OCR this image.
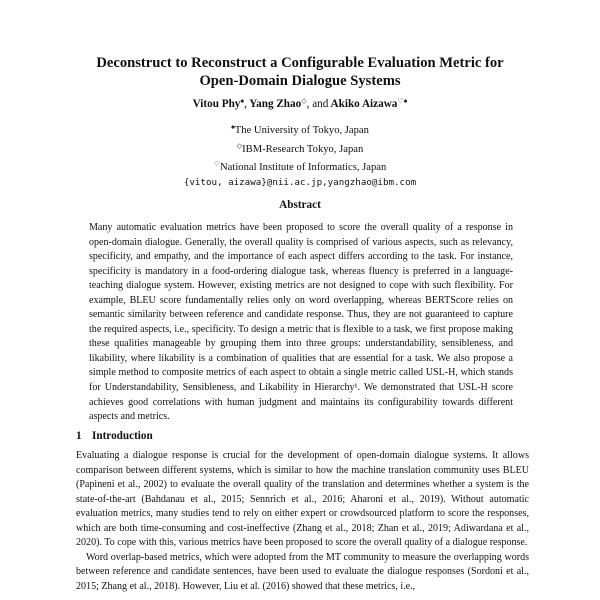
Deconstruct to Reconstruct a Configurable Evaluation Metric for
Open-Domain Dialogue Systems
Vitou Phy♠, Yang Zhao◇, and Akiko Aizawa♡♠
♠The University of Tokyo, Japan
◇IBM-Research Tokyo, Japan
♡National Institute of Informatics, Japan
{vitou, aizawa}@nii.ac.jp,yangzhao@ibm.com
Abstract
Many automatic evaluation metrics have been proposed to score the overall quality of a response in open-domain dialogue. Generally, the overall quality is comprised of various aspects, such as relevancy, specificity, and empathy, and the importance of each aspect differs according to the task. For instance, specificity is mandatory in a food-ordering dialogue task, whereas fluency is preferred in a language-teaching dialogue system. However, existing metrics are not designed to cope with such flexibility. For example, BLEU score fundamentally relies only on word overlapping, whereas BERTScore relies on semantic similarity between reference and candidate response. Thus, they are not guaranteed to capture the required aspects, i.e., specificity. To design a metric that is flexible to a task, we first propose making these qualities manageable by grouping them into three groups: understandability, sensibleness, and likability, where likability is a combination of qualities that are essential for a task. We also propose a simple method to composite metrics of each aspect to obtain a single metric called USL-H, which stands for Understandability, Sensibleness, and Likability in Hierarchy¹. We demonstrated that USL-H score achieves good correlations with human judgment and maintains its configurability towards different aspects and metrics.
1 Introduction

Evaluating a dialogue response is crucial for the development of open-domain dialogue systems. It allows comparison between different systems, which is similar to how the machine translation community uses BLEU (Papineni et al., 2002) to evaluate the overall quality of the translation and determines whether a system is the state-of-the-art (Bahdanau et al., 2015; Sennrich et al., 2016; Aharoni et al., 2019). Without automatic evaluation metrics, many studies tend to rely on either expert or crowdsourced platform to score the responses, which are both time-consuming and cost-ineffective (Zhang et al., 2018; Zhan et al., 2019; Adiwardana et al., 2020). To cope with this, various metrics have been proposed to score the overall quality of a dialogue response.

Word overlap-based metrics, which were adopted from the MT community to measure the overlapping words between reference and candidate sentences, have been used to evaluate the dialogue responses (Sordoni et al., 2015; Zhang et al., 2018). However, Liu et al. (2016) showed that these metrics, i.e.,
